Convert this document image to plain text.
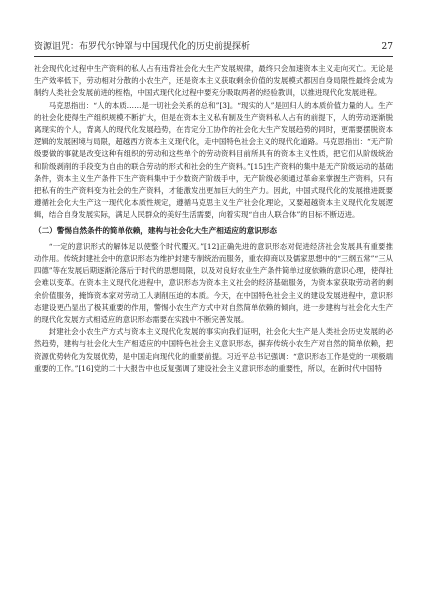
资源诅咒：布罗代尔钟罩与中国现代化的历史前提探析	27

社会现代化过程中生产资料的私人占有违背社会化大生产发展规律，最终只会加速资本主义走向灭亡。无论是生产效率低下，劳动相对分散的小农生产，还是资本主义获取剩余价值的发展模式都因自身局限性最终会成为制约人类社会发展前进的桎梏，中国式现代化过程中要充分吸取两者的经验教训，以推进现代化发展进程。

马克思指出：“人的本质……是一切社会关系的总和”[3]。“现实的人”是回归人的本质价值力量的人。生产的社会化使得生产组织规模不断扩大，但是在资本主义私有制及生产资料私人占有的前提下，人的劳动逐渐脱离现实的个人，背离人的现代化发展趋势，在肯定分工协作的社会化大生产发展趋势的同时，更需要摆脱资本逻辑的发展困境与局限，超越西方资本主义现代化，走中国特色社会主义的现代化道路。马克思指出：“无产阶级要做的事就是改变这种有组织的劳动和这些单个的劳动资料目前所具有的资本主义性质，把它们从阶级统治和阶级剥削的手段变为自由的联合劳动的形式和社会的生产资料。”[15]生产资料的集中是无产阶级运动的基础条件，资本主义生产条件下生产资料集中于少数资产阶级手中，无产阶级必须通过革命来掌握生产资料，只有把私有的生产资料变为社会的生产资料，才能激发出更加巨大的生产力。因此，中国式现代化的发展推进既要遵循社会化大生产这一现代化本质性规定，遵循马克思主义生产社会化理论，又要超越资本主义现代化发展逻辑，结合自身发展实际，满足人民群众的美好生活需要，向着实现“自由人联合体”的目标不断迈进。

（二）警惕自然条件的简单依赖，建构与社会化大生产相适应的意识形态

“一定的意识形式的解体足以使整个时代覆灭。”[12]正确先进的意识形态对促进经济社会发展具有重要推动作用。传统封建社会中的意识形态为维护封建专制统治而服务，重农抑商以及儒家思想中的“三纲五常”“三从四德”等在发展后期逐渐沦落后于时代的思想局限，以及对良好农业生产条件简单过度依赖的意识心理，使得社会难以变革。在资本主义现代化进程中，意识形态为资本主义社会的经济基础服务，为资本家获取劳动者的剩余价值服务，掩饰资本家对劳动工人剥削压迫的本质。今天，在中国特色社会主义的建设发展进程中，意识形态建设更凸显出了极其重要的作用，警惕小农生产方式中对自然简单依赖的倾向，进一步建构与社会化大生产的现代化发展方式相适应的意识形态需要在实践中不断完善发展。

封建社会小农生产方式与资本主义现代化发展的事实向我们证明，社会化大生产是人类社会历史发展的必然趋势，建构与社会化大生产相适应的中国特色社会主义意识形态，摒弃传统小农生产对自然的简单依赖，把资源优势转化为发展优势，是中国走向现代化的重要前提。习近平总书记强调：“意识形态工作是党的一项极端重要的工作。”[16]党的二十大报告中也反复强调了建设社会主义意识形态的重要性，所以，在新时代中国特
